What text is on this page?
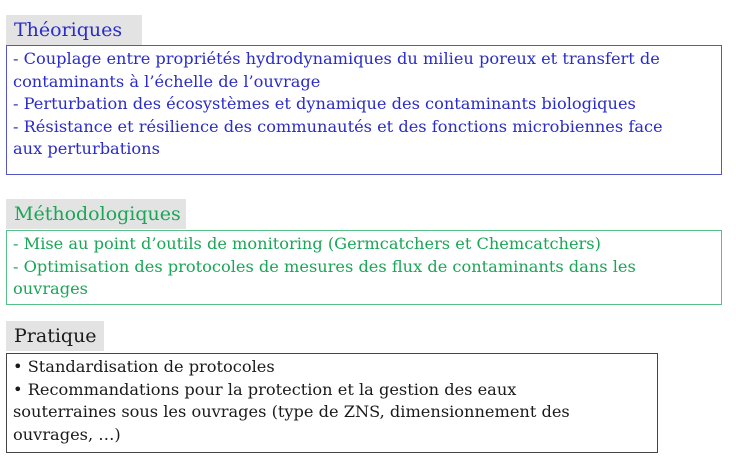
Théoriques
- Couplage entre propriétés hydrodynamiques du milieu poreux et transfert de
contaminants à l’échelle de l’ouvrage
- Perturbation des écosystèmes et dynamique des contaminants biologiques
- Résistance et résilience des communautés et des fonctions microbiennes face
aux perturbations
Méthodologiques
- Mise au point d’outils de monitoring (Germcatchers et Chemcatchers)
- Optimisation des protocoles de mesures des flux de contaminants dans les
ouvrages
Pratique
• Standardisation de protocoles
• Recommandations pour la protection et la gestion des eaux
souterraines sous les ouvrages (type de ZNS, dimensionnement des
ouvrages, …)
